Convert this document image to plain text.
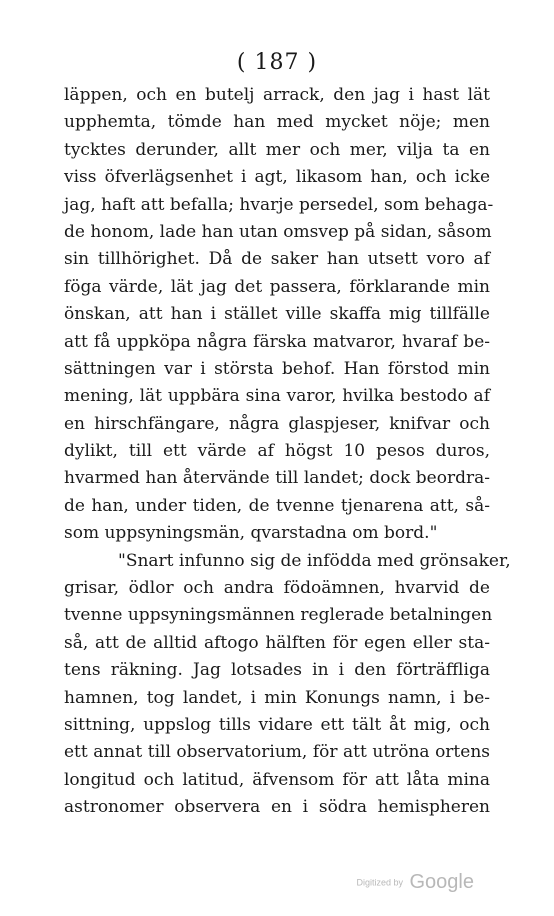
( 187 )
läppen, och en butelj arrack, den jag i hast lät
upphemta, tömde han med mycket nöje; men
tycktes derunder, allt mer och mer, vilja ta en
viss öfverlägsenhet i agt, likasom han, och icke
jag, haft att befalla; hvarje persedel, som behaga-
de honom, lade han utan omsvep på sidan, såsom
sin tillhörighet. Då de saker han utsett voro af
föga värde, lät jag det passera, förklarande min
önskan, att han i stället ville skaffa mig tillfälle
att få uppköpa några färska matvaror, hvaraf be-
sättningen var i största behof. Han förstod min
mening, lät uppbära sina varor, hvilka bestodo af
en hirschfängare, några glaspjeser, knifvar och
dylikt, till ett värde af högst 10 pesos duros,
hvarmed han återvände till landet; dock beordra-
de han, under tiden, de tvenne tjenarena att, så-
som uppsyningsmän, qvarstadna om bord."
"Snart infunno sig de infödda med grönsaker,
grisar, ödlor och andra födoämnen, hvarvid de
tvenne uppsyningsmännen reglerade betalningen
så, att de alltid aftogo hälften för egen eller sta-
tens räkning. Jag lotsades in i den förträffliga
hamnen, tog landet, i min Konungs namn, i be-
sittning, uppslog tills vidare ett tält åt mig, och
ett annat till observatorium, för att utröna ortens
longitud och latitud, äfvensom för att låta mina
astronomer observera en i södra hemispheren
Digitized by Google
